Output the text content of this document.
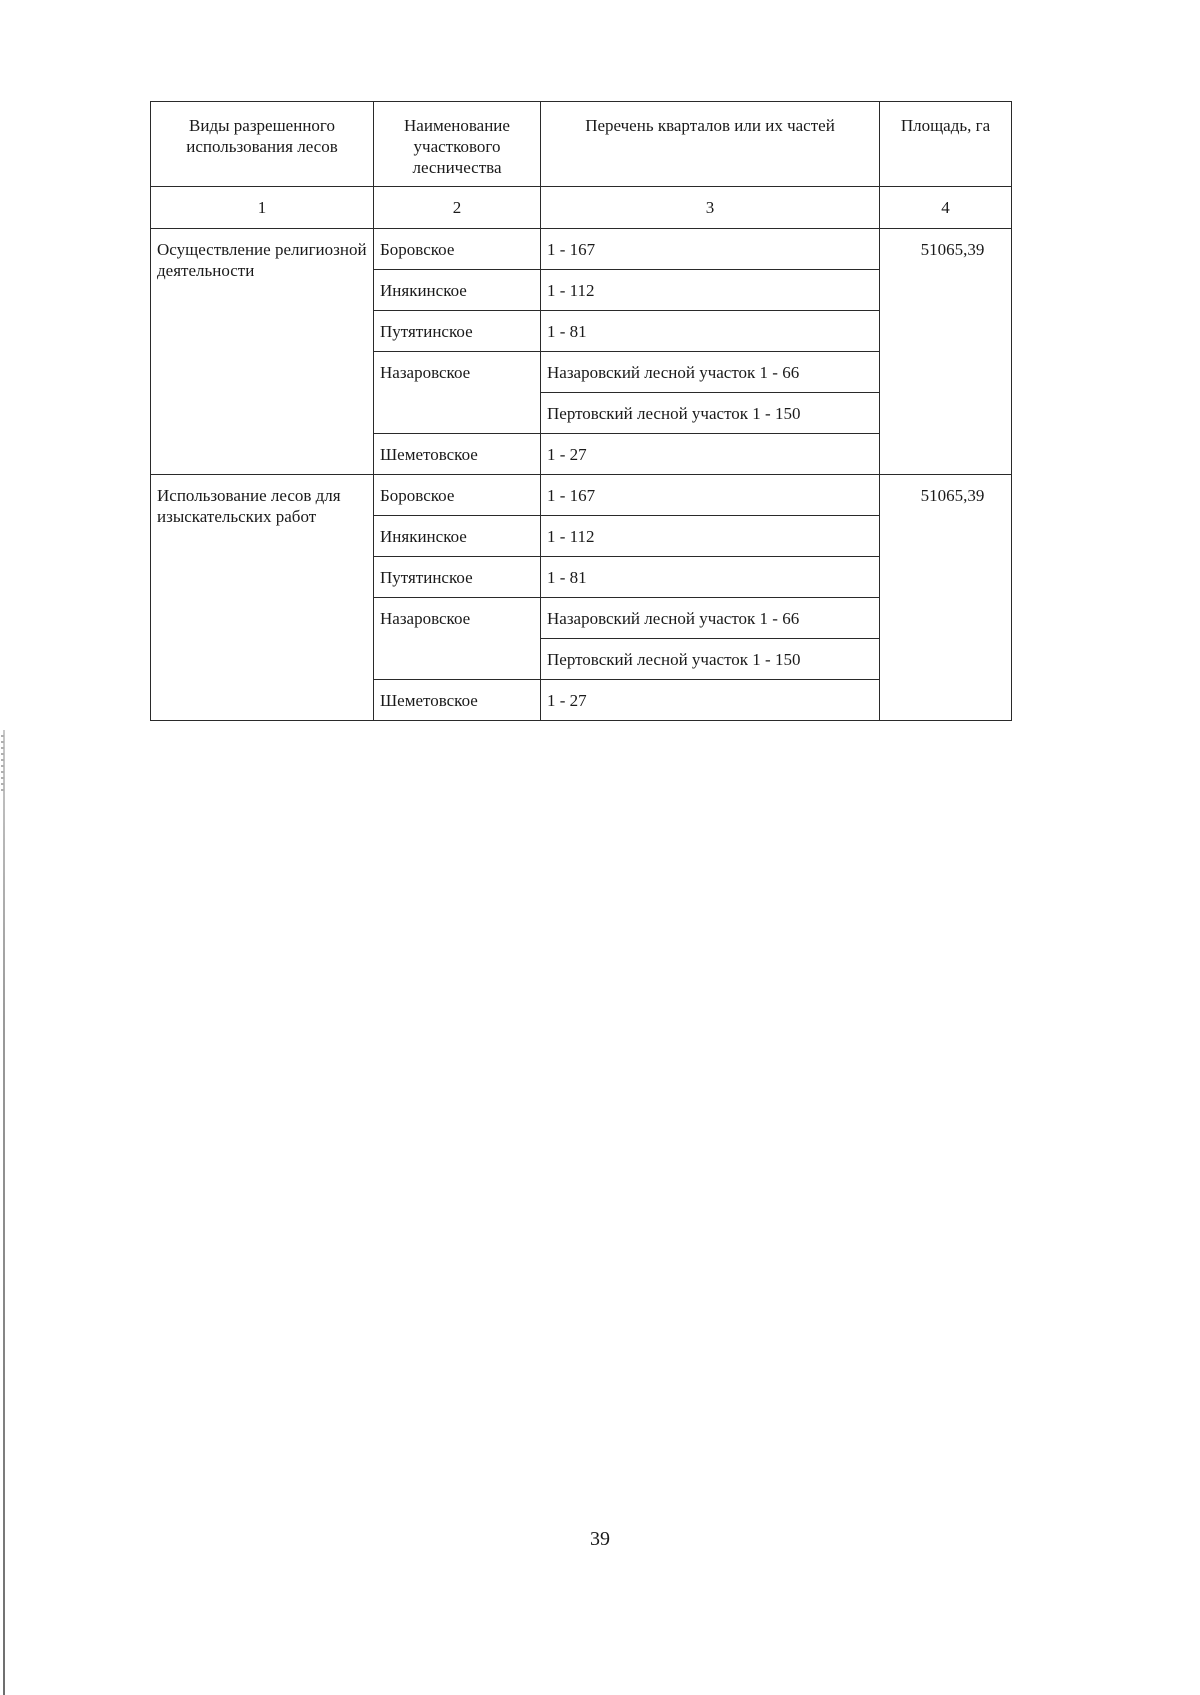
Виды разрешенного использования лесов	Наименование участкового лесничества	Перечень кварталов или их частей	Площадь, га
1	2	3	4
Осуществление религиозной деятельности	Боровское	1 - 167	51065,39
	Инякинское	1 - 112	
	Путятинское	1 - 81	
	Назаровское	Назаровский лесной участок 1 - 66	
		Пертовский лесной участок 1 - 150	
	Шеметовское	1 - 27	
Использование лесов для изыскательских работ	Боровское	1 - 167	51065,39
	Инякинское	1 - 112	
	Путятинское	1 - 81	
	Назаровское	Назаровский лесной участок 1 - 66	
		Пертовский лесной участок 1 - 150	
	Шеметовское	1 - 27	
39
